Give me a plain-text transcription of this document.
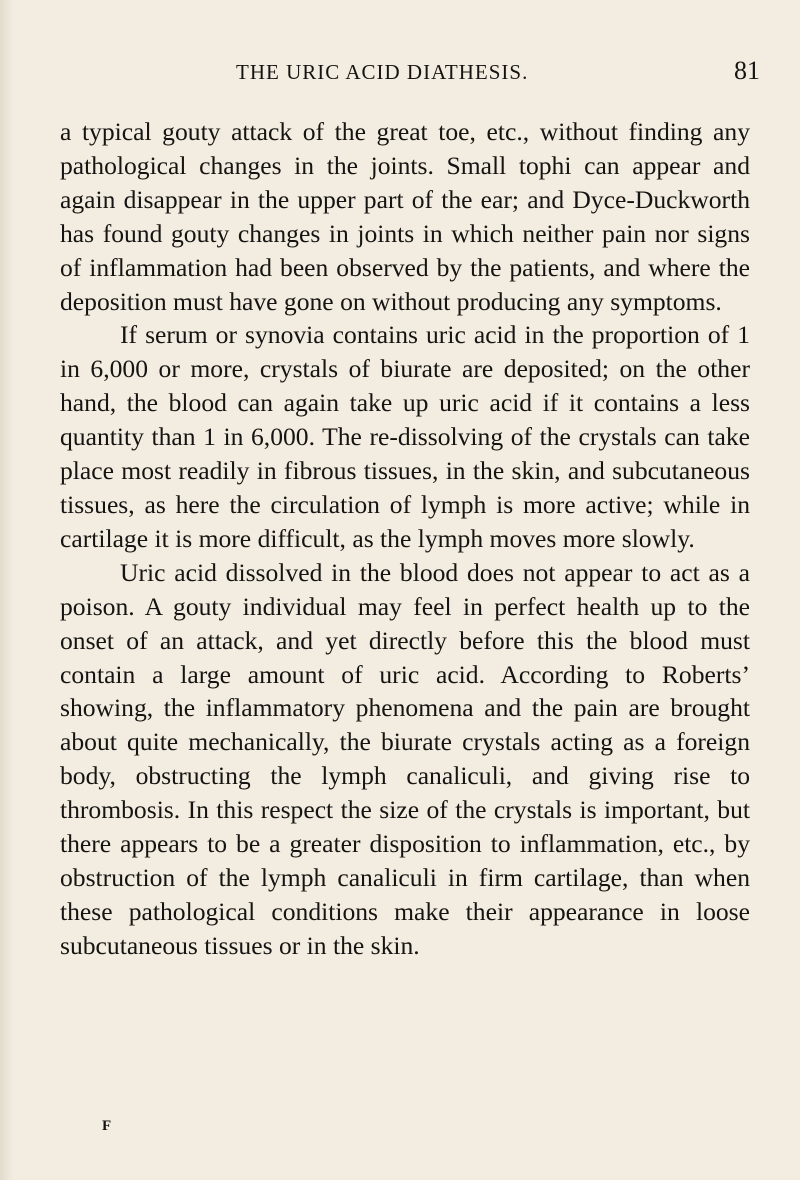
THE URIC ACID DIATHESIS.	81

a typical gouty attack of the great toe, etc., without finding any pathological changes in the joints. Small tophi can appear and again disappear in the upper part of the ear; and Dyce-Duckworth has found gouty changes in joints in which neither pain nor signs of inflammation had been observed by the patients, and where the deposition must have gone on without producing any symptoms.

If serum or synovia contains uric acid in the proportion of 1 in 6,000 or more, crystals of biurate are deposited; on the other hand, the blood can again take up uric acid if it contains a less quantity than 1 in 6,000. The re-dissolving of the crystals can take place most readily in fibrous tissues, in the skin, and subcutaneous tissues, as here the circulation of lymph is more active; while in cartilage it is more difficult, as the lymph moves more slowly.

Uric acid dissolved in the blood does not appear to act as a poison. A gouty individual may feel in perfect health up to the onset of an attack, and yet directly before this the blood must contain a large amount of uric acid. According to Roberts’ showing, the inflammatory phenomena and the pain are brought about quite mechanically, the biurate crystals acting as a foreign body, obstructing the lymph canaliculi, and giving rise to thrombosis. In this respect the size of the crystals is important, but there appears to be a greater disposition to inflammation, etc., by obstruction of the lymph canaliculi in firm cartilage, than when these pathological conditions make their appearance in loose subcutaneous tissues or in the skin.

F
